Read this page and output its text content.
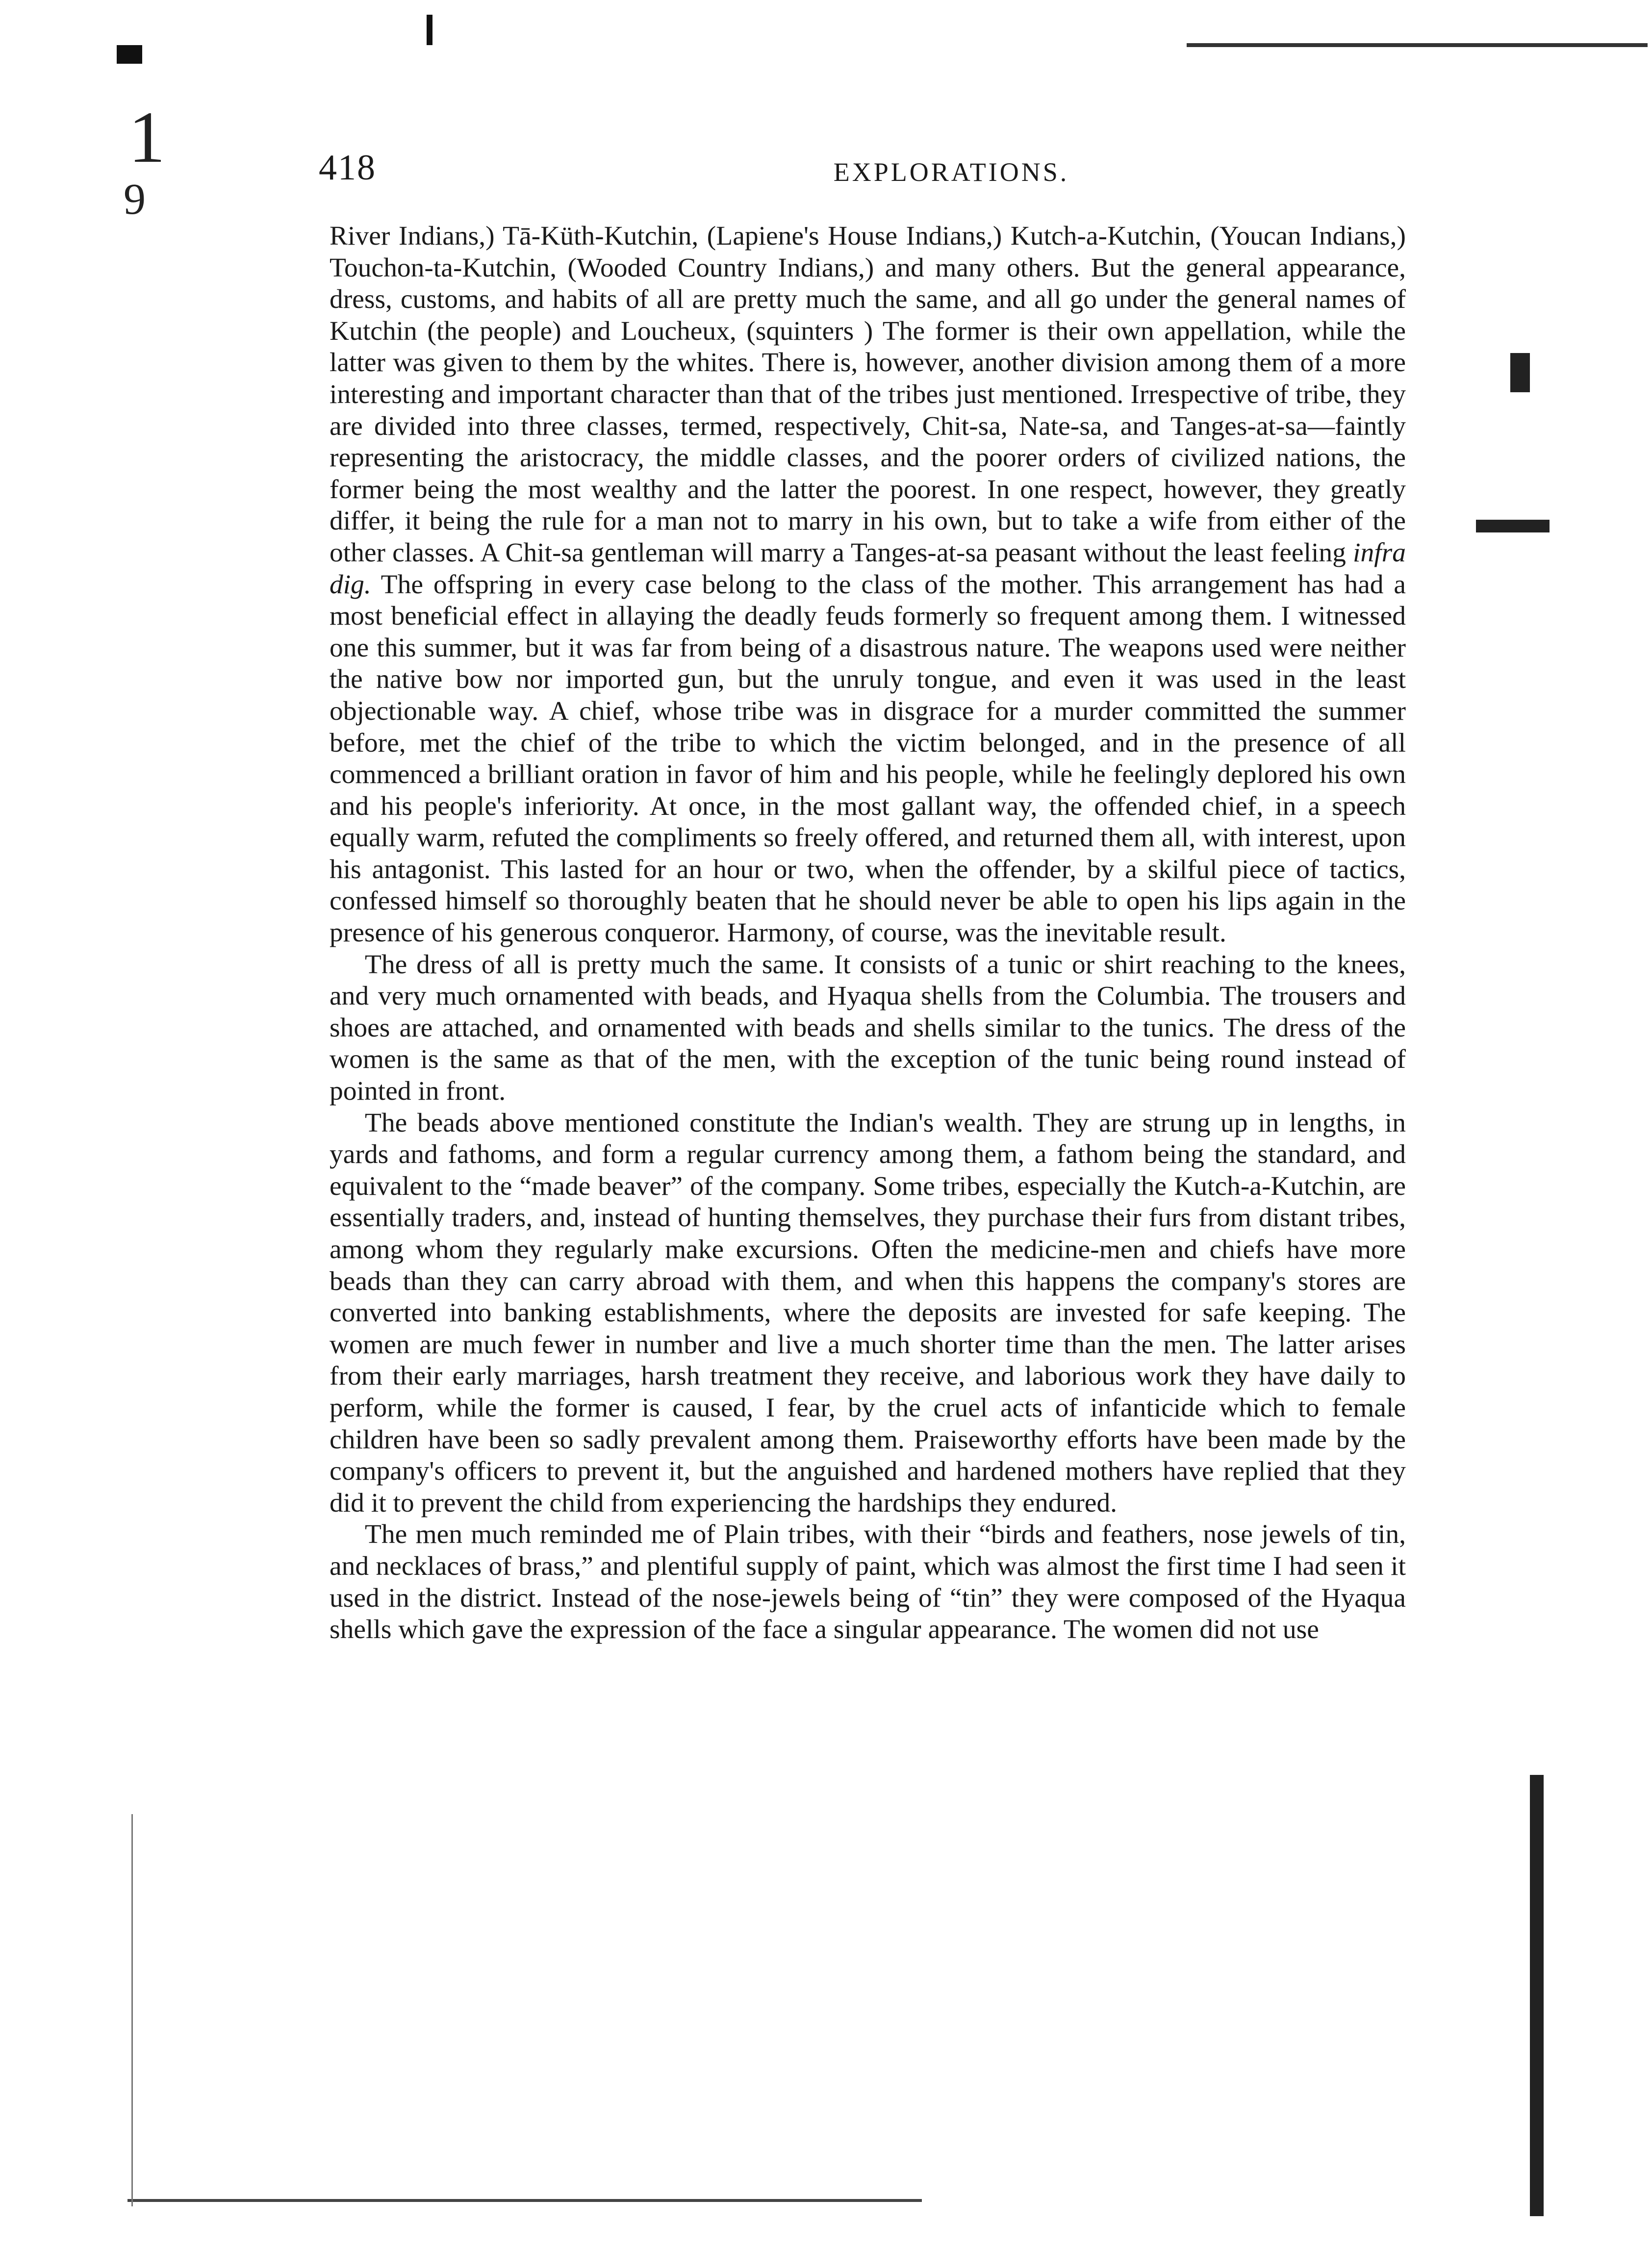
1
9
418	EXPLORATIONS.

River Indians,) Tā-Küth-Kutchin, (Lapiene's House Indians,) Kutch-a-Kutchin, (Youcan Indians,) Touchon-ta-Kutchin, (Wooded Country Indians,) and many others. But the general appearance, dress, customs, and habits of all are pretty much the same, and all go under the general names of Kutchin (the people) and Loucheux, (squinters ) The former is their own appellation, while the latter was given to them by the whites. There is, however, another division among them of a more interesting and important character than that of the tribes just mentioned. Irrespective of tribe, they are divided into three classes, termed, respectively, Chit-sa, Nate-sa, and Tanges-at-sa—faintly representing the aristocracy, the middle classes, and the poorer orders of civilized nations, the former being the most wealthy and the latter the poorest. In one respect, however, they greatly differ, it being the rule for a man not to marry in his own, but to take a wife from either of the other classes. A Chit-sa gentleman will marry a Tanges-at-sa peasant without the least feeling infra dig. The offspring in every case belong to the class of the mother. This arrangement has had a most beneficial effect in allaying the deadly feuds formerly so frequent among them. I witnessed one this summer, but it was far from being of a disastrous nature. The weapons used were neither the native bow nor imported gun, but the unruly tongue, and even it was used in the least objectionable way. A chief, whose tribe was in disgrace for a murder committed the summer before, met the chief of the tribe to which the victim belonged, and in the presence of all commenced a brilliant oration in favor of him and his people, while he feelingly deplored his own and his people's inferiority. At once, in the most gallant way, the offended chief, in a speech equally warm, refuted the compliments so freely offered, and returned them all, with interest, upon his antagonist. This lasted for an hour or two, when the offender, by a skilful piece of tactics, confessed himself so thoroughly beaten that he should never be able to open his lips again in the presence of his generous conqueror. Harmony, of course, was the inevitable result.

The dress of all is pretty much the same. It consists of a tunic or shirt reaching to the knees, and very much ornamented with beads, and Hyaqua shells from the Columbia. The trousers and shoes are attached, and ornamented with beads and shells similar to the tunics. The dress of the women is the same as that of the men, with the exception of the tunic being round instead of pointed in front.

The beads above mentioned constitute the Indian's wealth. They are strung up in lengths, in yards and fathoms, and form a regular currency among them, a fathom being the standard, and equivalent to the “made beaver” of the company. Some tribes, especially the Kutch-a-Kutchin, are essentially traders, and, instead of hunting themselves, they purchase their furs from distant tribes, among whom they regularly make excursions. Often the medicine-men and chiefs have more beads than they can carry abroad with them, and when this happens the company's stores are converted into banking establishments, where the deposits are invested for safe keeping. The women are much fewer in number and live a much shorter time than the men. The latter arises from their early marriages, harsh treatment they receive, and laborious work they have daily to perform, while the former is caused, I fear, by the cruel acts of infanticide which to female children have been so sadly prevalent among them. Praiseworthy efforts have been made by the company's officers to prevent it, but the anguished and hardened mothers have replied that they did it to prevent the child from experiencing the hardships they endured.

The men much reminded me of Plain tribes, with their “birds and feathers, nose jewels of tin, and necklaces of brass,” and plentiful supply of paint, which was almost the first time I had seen it used in the district. Instead of the nose-jewels being of “tin” they were composed of the Hyaqua shells which gave the expression of the face a singular appearance. The women did not use
